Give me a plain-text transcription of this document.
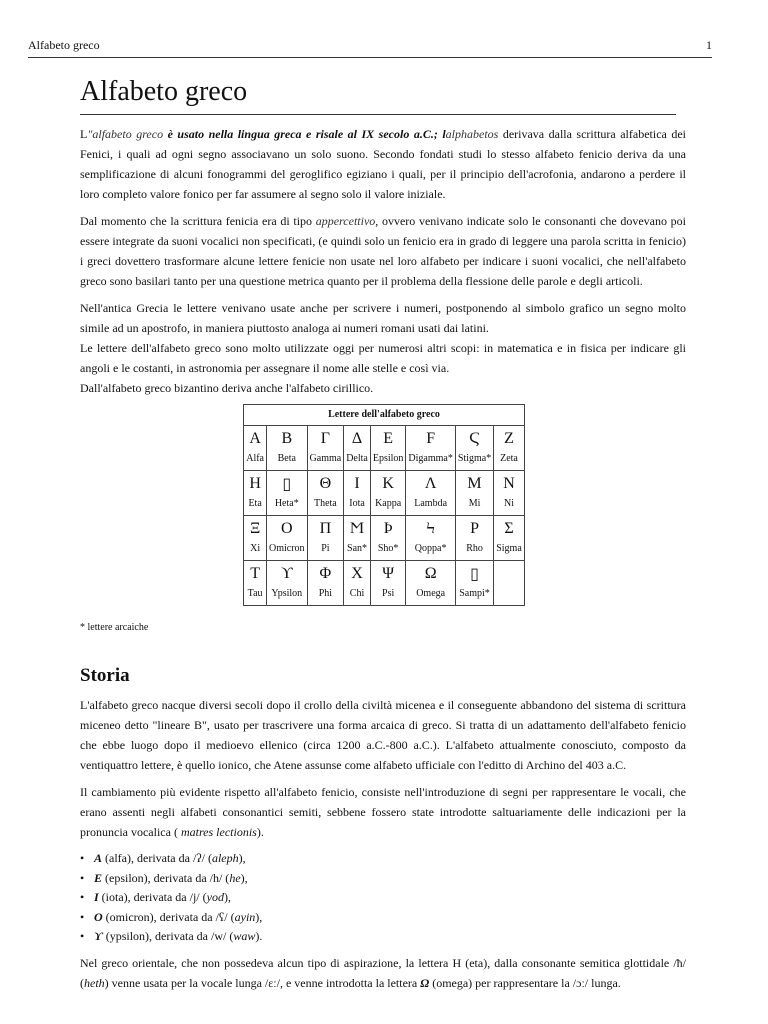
Alfabeto greco	1
Alfabeto greco

L"alfabeto greco è usato nella lingua greca e risale al IX secolo a.C.; lalphabetos derivava dalla scrittura alfabetica dei Fenici, i quali ad ogni segno associavano un solo suono. Secondo fondati studi lo stesso alfabeto fenicio deriva da una semplificazione di alcuni fonogrammi del geroglifico egiziano i quali, per il principio dell'acrofonia, andarono a perdere il loro completo valore fonico per far assumere al segno solo il valore iniziale.

Dal momento che la scrittura fenicia era di tipo appercettivo, ovvero venivano indicate solo le consonanti che dovevano poi essere integrate da suoni vocalici non specificati, (e quindi solo un fenicio era in grado di leggere una parola scritta in fenicio) i greci dovettero trasformare alcune lettere fenicie non usate nel loro alfabeto per indicare i suoni vocalici, che nell'alfabeto greco sono basilari tanto per una questione metrica quanto per il problema della flessione delle parole e degli articoli.

Nell'antica Grecia le lettere venivano usate anche per scrivere i numeri, postponendo al simbolo grafico un segno molto simile ad un apostrofo, in maniera piuttosto analoga ai numeri romani usati dai latini.

Le lettere dell'alfabeto greco sono molto utilizzate oggi per numerosi altri scopi: in matematica e in fisica per indicare gli angoli e le costanti, in astronomia per assegnare il nome alle stelle e così via.

Dall'alfabeto greco bizantino deriva anche l'alfabeto cirillico.

Lettere dell'alfabeto greco
Α	Β	Γ	Δ	Ε	F	Ϛ	Ζ
Alfa	Beta	Gamma	Delta	Epsilon	Digamma*	Stigma*	Zeta
Η	▯	Θ	Ι	Κ	Λ	Μ	Ν
Eta	Heta*	Theta	Iota	Kappa	Lambda	Mi	Ni
Ξ	Ο	Π	Ϻ	Ϸ	Ϟ	Ρ	Σ
Xi	Omicron	Pi	San*	Sho*	Qoppa*	Rho	Sigma
Τ	ϒ	Φ	Χ	Ψ	Ω	▯	
Tau	Ypsilon	Phi	Chi	Psi	Omega	Sampi*	
* lettere arcaiche
Storia

L'alfabeto greco nacque diversi secoli dopo il crollo della civiltà micenea e il conseguente abbandono del sistema di scrittura miceneo detto "lineare B", usato per trascrivere una forma arcaica di greco. Si tratta di un adattamento dell'alfabeto fenicio che ebbe luogo dopo il medioevo ellenico (circa 1200 a.C.-800 a.C.). L'alfabeto attualmente conosciuto, composto da ventiquattro lettere, è quello ionico, che Atene assunse come alfabeto ufficiale con l'editto di Archino del 403 a.C.

Il cambiamento più evidente rispetto all'alfabeto fenicio, consiste nell'introduzione di segni per rappresentare le vocali, che erano assenti negli alfabeti consonantici semiti, sebbene fossero state introdotte saltuariamente delle indicazioni per la pronuncia vocalica ( matres lectionis).

• A (alfa), derivata da /ʔ/ (aleph),
• E (epsilon), derivata da /h/ (he),
• I (iota), derivata da /j/ (yod),
• O (omicron), derivata da /ʕ/ (ayin),
• ϒ (ypsilon), derivata da /w/ (waw).

Nel greco orientale, che non possedeva alcun tipo di aspirazione, la lettera H (eta), dalla consonante semitica glottidale /ħ/ (heth) venne usata per la vocale lunga /ɛː/, e venne introdotta la lettera Ω (omega) per rappresentare la /ɔː/ lunga.
